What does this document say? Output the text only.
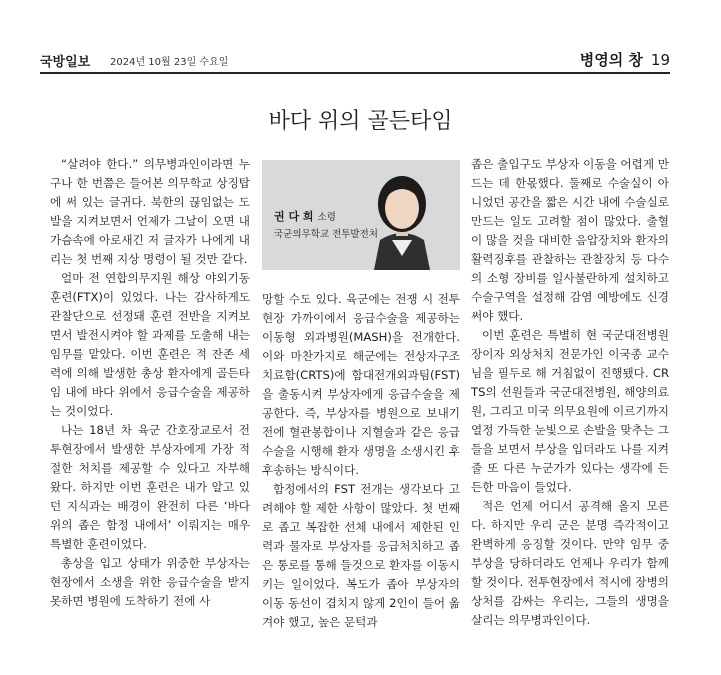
국방일보 2024년 10월 23일 수요일	병영의 창 19
바다 위의 골든타임

“살려야 한다.” 의무병과인이라면 누구나 한 번쯤은 들어본 의무학교 상징탑에 써 있는 글귀다. 북한의 끊임없는 도발을 지켜보면서 언제가 그날이 오면 내 가슴속에 아로새긴 저 글자가 나에게 내리는 첫 번째 지상 명령이 될 것만 같다.

얼마 전 연합의무지원 해상 야외기동훈련(FTX)이 있었다. 나는 감사하게도 관찰단으로 선정돼 훈련 전반을 지켜보면서 발전시켜야 할 과제를 도출해 내는 임무를 맡았다. 이번 훈련은 적 잔존 세력에 의해 발생한 총상 환자에게 골든타임 내에 바다 위에서 응급수술을 제공하는 것이었다.

나는 18년 차 육군 간호장교로서 전투현장에서 발생한 부상자에게 가장 적절한 처치를 제공할 수 있다고 자부해 왔다. 하지만 이번 훈련은 내가 알고 있던 지식과는 배경이 완전히 다른 ‘바다 위의 좁은 함정 내에서’ 이뤄지는 매우 특별한 훈련이었다.

총상을 입고 상태가 위중한 부상자는 현장에서 소생을 위한 응급수술을 받지 못하면 병원에 도착하기 전에 사

권 다 희 소령
국군의무학교 전투발전처

망할 수도 있다. 육군에는 전쟁 시 전투현장 가까이에서 응급수술을 제공하는 이동형 외과병원(MASH)을 전개한다. 이와 마찬가지로 해군에는 전상자구조 치료함(CRTS)에 함대전개외과팀(FST)을 출동시켜 부상자에게 응급수술을 제공한다. 즉, 부상자를 병원으로 보내기 전에 혈관봉합이나 지혈술과 같은 응급수술을 시행해 환자 생명을 소생시킨 후 후송하는 방식이다.

함정에서의 FST 전개는 생각보다 고려해야 할 제한 사항이 많았다. 첫 번째로 좁고 복잡한 선체 내에서 제한된 인력과 물자로 부상자를 응급처치하고 좁은 통로를 통해 들것으로 환자를 이동시키는 일이었다. 복도가 좁아 부상자의 이동 동선이 겹치지 않게 2인이 들어 옮겨야 했고, 높은 문턱과

좁은 출입구도 부상자 이동을 어렵게 만드는 데 한몫했다. 둘째로 수술실이 아니었던 공간을 짧은 시간 내에 수술실로 만드는 일도 고려할 점이 많았다. 출혈이 많을 것을 대비한 음압장치와 환자의 활력징후를 관찰하는 관찰장치 등 다수의 소형 장비를 일사불란하게 설치하고 수술구역을 설정해 감염 예방에도 신경 써야 했다.

이번 훈련은 특별히 현 국군대전병원장이자 외상처치 전문가인 이국종 교수님을 필두로 해 거침없이 진행됐다. CRTS의 선원들과 국군대전병원, 해양의료원, 그리고 미국 의무요원에 이르기까지 열정 가득한 눈빛으로 손발을 맞추는 그들을 보면서 부상을 입더라도 나를 지켜줄 또 다른 누군가가 있다는 생각에 든든한 마음이 들었다.

적은 언제 어디서 공격해 올지 모른다. 하지만 우리 군은 분명 즉각적이고 완벽하게 응징할 것이다. 만약 임무 중 부상을 당하더라도 언제나 우리가 함께 할 것이다. 전투현장에서 적시에 장병의 상처를 감싸는 우리는, 그들의 생명을 살리는 의무병과인이다.
